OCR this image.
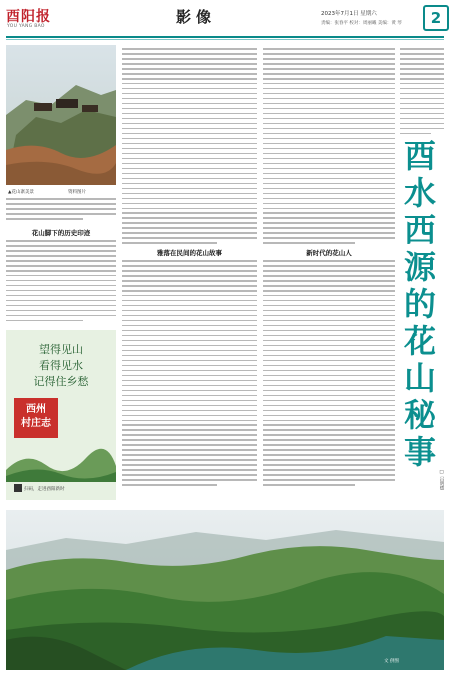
酉阳报
YOU YANG BAO
影像	2023年7月1日 星期六
责编：张春平 校对：周丽曦 美编：黄 琴	2
▲花山寨美景	资料图片
花山脚下的历史印迹
望得见山
看得见水
记得住乡愁
西州
村庄志
扫码，走进酉阳新时
雅落在民间的花山故事	新时代的花山人
酉
水
西
源
的
花
山
秘
事
□ 吕明德
文 供图
